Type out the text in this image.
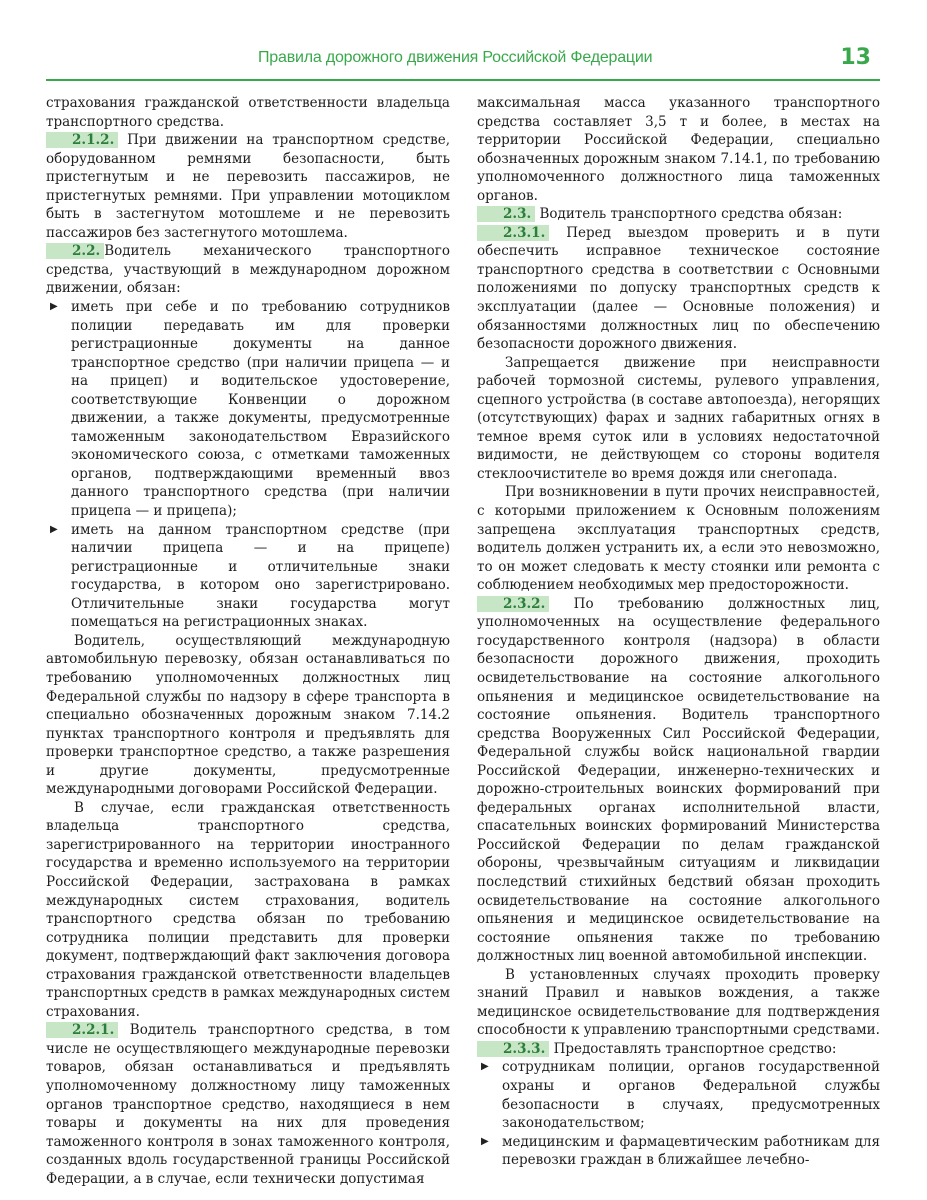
Правила дорожного движения Российской Федерации	13

страхования гражданской ответственности владельца транспортного средства.

2.1.2. При движении на транспортном средстве, оборудованном ремнями безопасности, быть пристегнутым и не перевозить пассажиров, не пристегнутых ремнями. При управлении мотоциклом быть в застегнутом мотошлеме и не перевозить пассажиров без застегнутого мотошлема.

2.2. Водитель механического транспортного средства, участвующий в международном дорожном движении, обязан:

▶ иметь при себе и по требованию сотрудников полиции передавать им для проверки регистрационные документы на данное транспортное средство (при наличии прицепа — и на прицеп) и водительское удостоверение, соответствующие Конвенции о дорожном движении, а также документы, предусмотренные таможенным законодательством Евразийского экономического союза, с отметками таможенных органов, подтверждающими временный ввоз данного транспортного средства (при наличии прицепа — и прицепа);

▶ иметь на данном транспортном средстве (при наличии прицепа — и на прицепе) регистрационные и отличительные знаки государства, в котором оно зарегистрировано. Отличительные знаки государства могут помещаться на регистрационных знаках.

Водитель, осуществляющий международную автомобильную перевозку, обязан останавливаться по требованию уполномоченных должностных лиц Федеральной службы по надзору в сфере транспорта в специально обозначенных дорожным знаком 7.14.2 пунктах транспортного контроля и предъявлять для проверки транспортное средство, а также разрешения и другие документы, предусмотренные международными договорами Российской Федерации.

В случае, если гражданская ответственность владельца транспортного средства, зарегистрированного на территории иностранного государства и временно используемого на территории Российской Федерации, застрахована в рамках международных систем страхования, водитель транспортного средства обязан по требованию сотрудника полиции представить для проверки документ, подтверждающий факт заключения договора страхования гражданской ответственности владельцев транспортных средств в рамках международных систем страхования.

2.2.1. Водитель транспортного средства, в том числе не осуществляющего международные перевозки товаров, обязан останавливаться и предъявлять уполномоченному должностному лицу таможенных органов транспортное средство, находящиеся в нем товары и документы на них для проведения таможенного контроля в зонах таможенного контроля, созданных вдоль государственной границы Российской Федерации, а в случае, если технически допустимая

максимальная масса указанного транспортного средства составляет 3,5 т и более, в местах на территории Российской Федерации, специально обозначенных дорожным знаком 7.14.1, по требованию уполномоченного должностного лица таможенных органов.

2.3. Водитель транспортного средства обязан:

2.3.1. Перед выездом проверить и в пути обеспечить исправное техническое состояние транспортного средства в соответствии с Основными положениями по допуску транспортных средств к эксплуатации (далее — Основные положения) и обязанностями должностных лиц по обеспечению безопасности дорожного движения.

Запрещается движение при неисправности рабочей тормозной системы, рулевого управления, сцепного устройства (в составе автопоезда), негорящих (отсутствующих) фарах и задних габаритных огнях в темное время суток или в условиях недостаточной видимости, не действующем со стороны водителя стеклоочистителе во время дождя или снегопада.

При возникновении в пути прочих неисправностей, с которыми приложением к Основным положениям запрещена эксплуатация транспортных средств, водитель должен устранить их, а если это невозможно, то он может следовать к месту стоянки или ремонта с соблюдением необходимых мер предосторожности.

2.3.2. По требованию должностных лиц, уполномоченных на осуществление федерального государственного контроля (надзора) в области безопасности дорожного движения, проходить освидетельствование на состояние алкогольного опьянения и медицинское освидетельствование на состояние опьянения. Водитель транспортного средства Вооруженных Сил Российской Федерации, Федеральной службы войск национальной гвардии Российской Федерации, инженерно-технических и дорожно-строительных воинских формирований при федеральных органах исполнительной власти, спасательных воинских формирований Министерства Российской Федерации по делам гражданской обороны, чрезвычайным ситуациям и ликвидации последствий стихийных бедствий обязан проходить освидетельствование на состояние алкогольного опьянения и медицинское освидетельствование на состояние опьянения также по требованию должностных лиц военной автомобильной инспекции.

В установленных случаях проходить проверку знаний Правил и навыков вождения, а также медицинское освидетельствование для подтверждения способности к управлению транспортными средствами.

2.3.3. Предоставлять транспортное средство:

▶ сотрудникам полиции, органов государственной охраны и органов Федеральной службы безопасности в случаях, предусмотренных законодательством;

▶ медицинским и фармацевтическим работникам для перевозки граждан в ближайшее лечебно-
